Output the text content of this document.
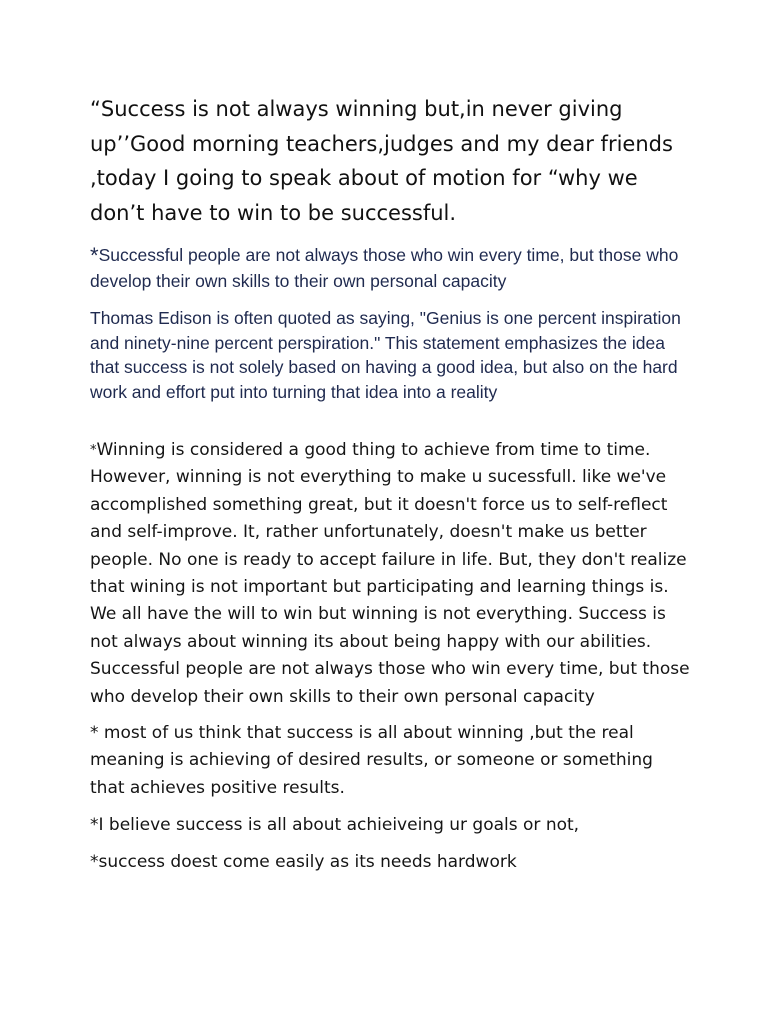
“Success is not always winning but,in never giving up’’Good morning teachers,judges and my dear friends ,today I going to speak about of motion for “why we don’t have to win to be successful.

*Successful people are not always those who win every time, but those who develop their own skills to their own personal capacity

Thomas Edison is often quoted as saying, "Genius is one percent inspiration and ninety-nine percent perspiration." This statement emphasizes the idea that success is not solely based on having a good idea, but also on the hard work and effort put into turning that idea into a reality

*Winning is considered a good thing to achieve from time to time. However, winning is not everything to make u sucessfull. like we've accomplished something great, but it doesn't force us to self-reflect and self-improve. It, rather unfortunately, doesn't make us better people. No one is ready to accept failure in life. But, they don't realize that wining is not important but participating and learning things is. We all have the will to win but winning is not everything. Success is not always about winning its about being happy with our abilities. Successful people are not always those who win every time, but those who develop their own skills to their own personal capacity

* most of us think that success is all about winning ,but the real meaning is achieving of desired results, or someone or something that achieves positive results.

*I believe success is all about achieiveing ur goals or not,

*success doest come easily as its needs hardwork
